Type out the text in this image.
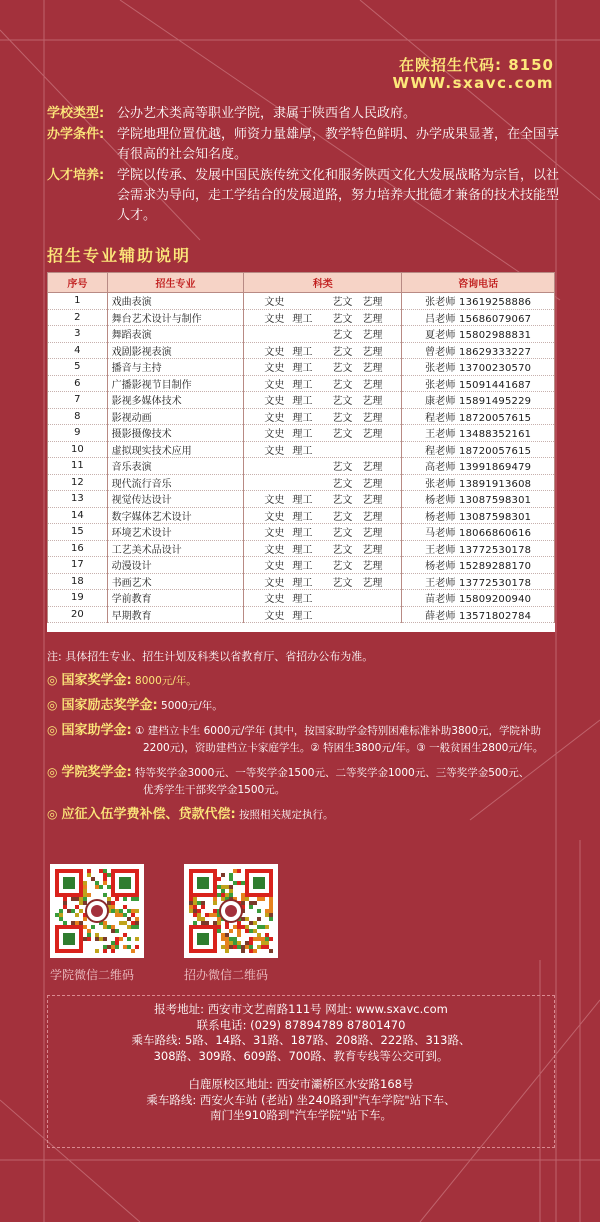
在陕招生代码: 8150
WWW.sxavc.com
学校类型: 公办艺术类高等职业学院，隶属于陕西省人民政府。
办学条件: 学院地理位置优越，师资力量雄厚，教学特色鲜明、办学成果显著，在全国享有很高的社会知名度。
人才培养: 学院以传承、发展中国民族传统文化和服务陕西文化大发展战略为宗旨，以社会需求为导向，走工学结合的发展道路，努力培养大批德才兼备的技术技能型人才。
招生专业辅助说明
序号	招生专业	科类	咨询电话
1	戏曲表演	文史 艺文 艺理	张老师 13619258886
2	舞台艺术设计与制作	文史 理工 艺文 艺理	吕老师 15686079067
3	舞蹈表演	艺文 艺理	夏老师 15802988831
4	戏剧影视表演	文史 理工 艺文 艺理	曾老师 18629333227
5	播音与主持	文史 理工 艺文 艺理	张老师 13700230570
6	广播影视节目制作	文史 理工 艺文 艺理	张老师 15091441687
7	影视多媒体技术	文史 理工 艺文 艺理	康老师 15891495229
8	影视动画	文史 理工 艺文 艺理	程老师 18720057615
9	摄影摄像技术	文史 理工 艺文 艺理	王老师 13488352161
10	虚拟现实技术应用	文史 理工	程老师 18720057615
11	音乐表演	艺文 艺理	高老师 13991869479
12	现代流行音乐	艺文 艺理	张老师 13891913608
13	视觉传达设计	文史 理工 艺文 艺理	杨老师 13087598301
14	数字媒体艺术设计	文史 理工 艺文 艺理	杨老师 13087598301
15	环境艺术设计	文史 理工 艺文 艺理	马老师 18066860616
16	工艺美术品设计	文史 理工 艺文 艺理	王老师 13772530178
17	动漫设计	文史 理工 艺文 艺理	杨老师 15289288170
18	书画艺术	文史 理工 艺文 艺理	王老师 13772530178
19	学前教育	文史 理工	苗老师 15809200940
20	早期教育	文史 理工	薛老师 13571802784
注: 具体招生专业、招生计划及科类以省教育厅、省招办公布为准。
◎ 国家奖学金: 8000元/年。
◎ 国家励志奖学金: 5000元/年。
◎ 国家助学金: ① 建档立卡生 6000元/学年 (其中，按国家助学金特别困难标准补助3800元，学院补助
2200元)，资助建档立卡家庭学生。② 特困生3800元/年。③ 一般贫困生2800元/年。
◎ 学院奖学金: 特等奖学金3000元、一等奖学金1500元、二等奖学金1000元、三等奖学金500元、
优秀学生干部奖学金1500元。
◎ 应征入伍学费补偿、贷款代偿: 按照相关规定执行。
学院微信二维码	招办微信二维码
报考地址: 西安市文艺南路111号 网址: www.sxavc.com
联系电话: (029) 87894789 87801470
乘车路线: 5路、14路、31路、187路、208路、222路、313路、
308路、309路、609路、700路、教育专线等公交可到。
白鹿原校区地址: 西安市灞桥区水安路168号
乘车路线: 西安火车站 (老站) 坐240路到"汽车学院"站下车、
南门坐910路到"汽车学院"站下车。
